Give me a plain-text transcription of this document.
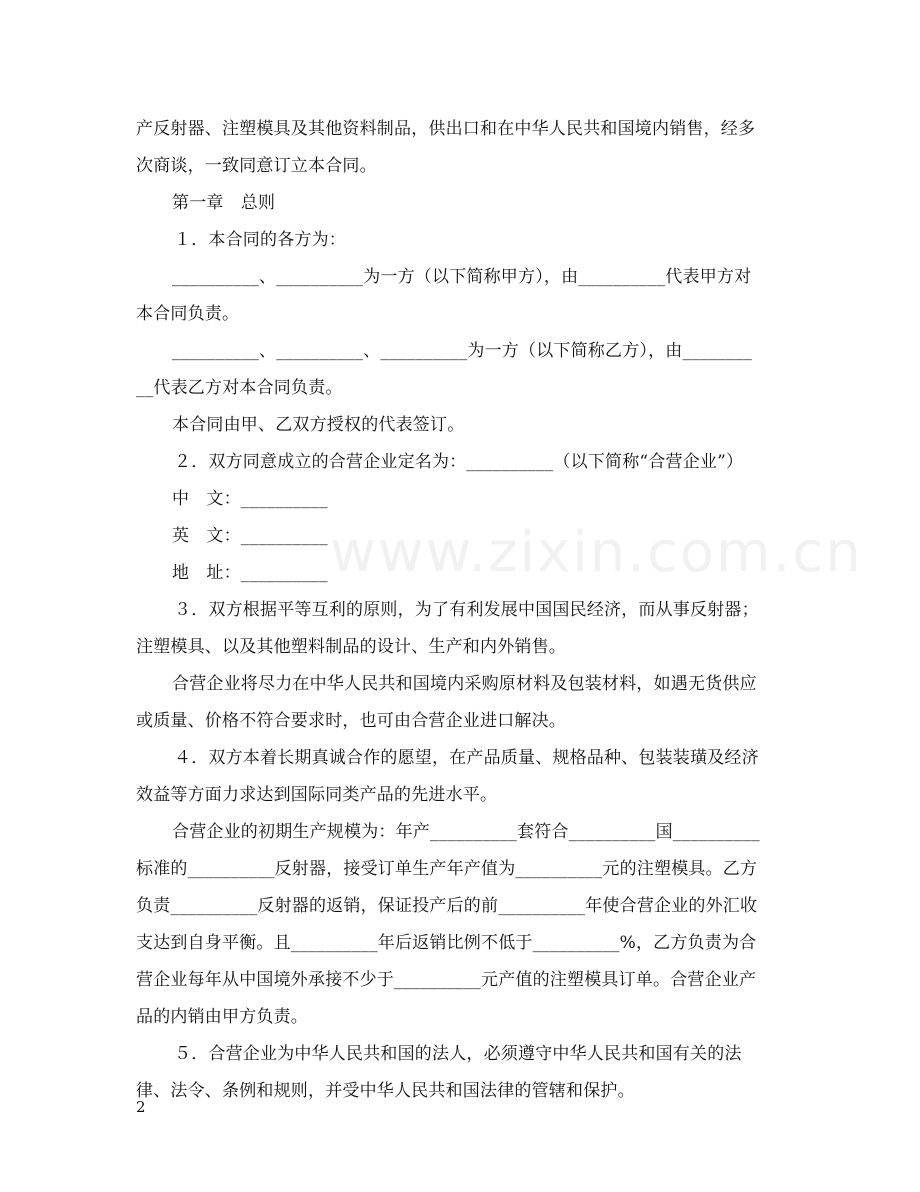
www.zixin.com.cn

产反射器、注塑模具及其他资料制品，供出口和在中华人民共和国境内销售，经多

次商谈，一致同意订立本合同。

第一章　总则

１．本合同的各方为：

__________、__________为一方（以下简称甲方），由__________代表甲方对

本合同负责。

__________、__________、__________为一方（以下简称乙方），由________

__代表乙方对本合同负责。

本合同由甲、乙双方授权的代表签订。

２．双方同意成立的合营企业定名为：__________（以下简称“合营企业”）

中　文：__________

英　文：__________

地　址：__________

３．双方根据平等互利的原则，为了有利发展中国国民经济，而从事反射器；

注塑模具、以及其他塑料制品的设计、生产和内外销售。

合营企业将尽力在中华人民共和国境内采购原材料及包装材料，如遇无货供应

或质量、价格不符合要求时，也可由合营企业进口解决。

４．双方本着长期真诚合作的愿望，在产品质量、规格品种、包装装璜及经济

效益等方面力求达到国际同类产品的先进水平。

合营企业的初期生产规模为：年产__________套符合__________国__________

标准的__________反射器，接受订单生产年产值为__________元的注塑模具。乙方

负责__________反射器的返销，保证投产后的前__________年使合营企业的外汇收

支达到自身平衡。且__________年后返销比例不低于__________%，乙方负责为合

营企业每年从中国境外承接不少于__________元产值的注塑模具订单。合营企业产

品的内销由甲方负责。

５．合营企业为中华人民共和国的法人，必须遵守中华人民共和国有关的法

律、法令、条例和规则，并受中华人民共和国法律的管辖和保护。

2
